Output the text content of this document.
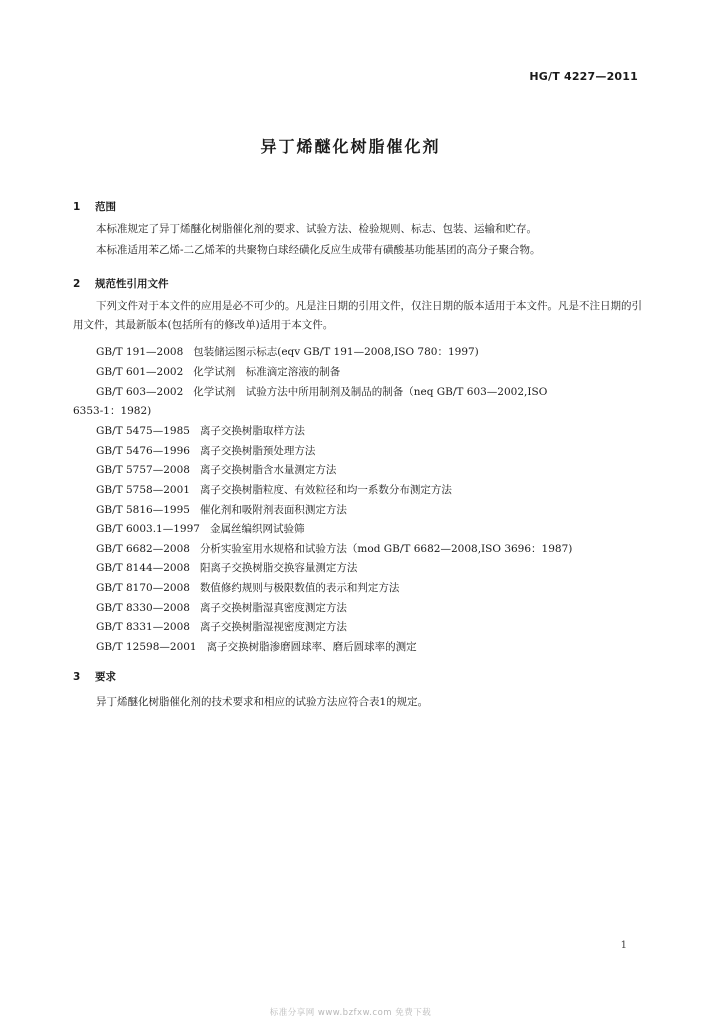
HG/T 4227—2011
异丁烯醚化树脂催化剂
1 范围
本标准规定了异丁烯醚化树脂催化剂的要求、试验方法、检验规则、标志、包装、运输和贮存。
本标准适用苯乙烯-二乙烯苯的共聚物白球经磺化反应生成带有磺酸基功能基团的高分子聚合物。
2 规范性引用文件
下列文件对于本文件的应用是必不可少的。凡是注日期的引用文件，仅注日期的版本适用于本文件。凡是不注日期的引用文件，其最新版本(包括所有的修改单)适用于本文件。
GB/T 191—2008 包装储运图示标志(eqv GB/T 191—2008,ISO 780：1997)
GB/T 601—2002 化学试剂　标准滴定溶液的制备
GB/T 603—2002 化学试剂　试验方法中所用制剂及制品的制备（neq GB/T 603—2002,ISO
6353-1：1982)
GB/T 5475—1985 离子交换树脂取样方法
GB/T 5476—1996 离子交换树脂预处理方法
GB/T 5757—2008 离子交换树脂含水量测定方法
GB/T 5758—2001 离子交换树脂粒度、有效粒径和均一系数分布测定方法
GB/T 5816—1995 催化剂和吸附剂表面积测定方法
GB/T 6003.1—1997 金属丝编织网试验筛
GB/T 6682—2008 分析实验室用水规格和试验方法（mod GB/T 6682—2008,ISO 3696：1987)
GB/T 8144—2008 阳离子交换树脂交换容量测定方法
GB/T 8170—2008 数值修约规则与极限数值的表示和判定方法
GB/T 8330—2008 离子交换树脂湿真密度测定方法
GB/T 8331—2008 离子交换树脂湿视密度测定方法
GB/T 12598—2001 离子交换树脂渗磨圆球率、磨后圆球率的测定
3 要求
异丁烯醚化树脂催化剂的技术要求和相应的试验方法应符合表1的规定。
1
标准分享网 www.bzfxw.com 免费下载
